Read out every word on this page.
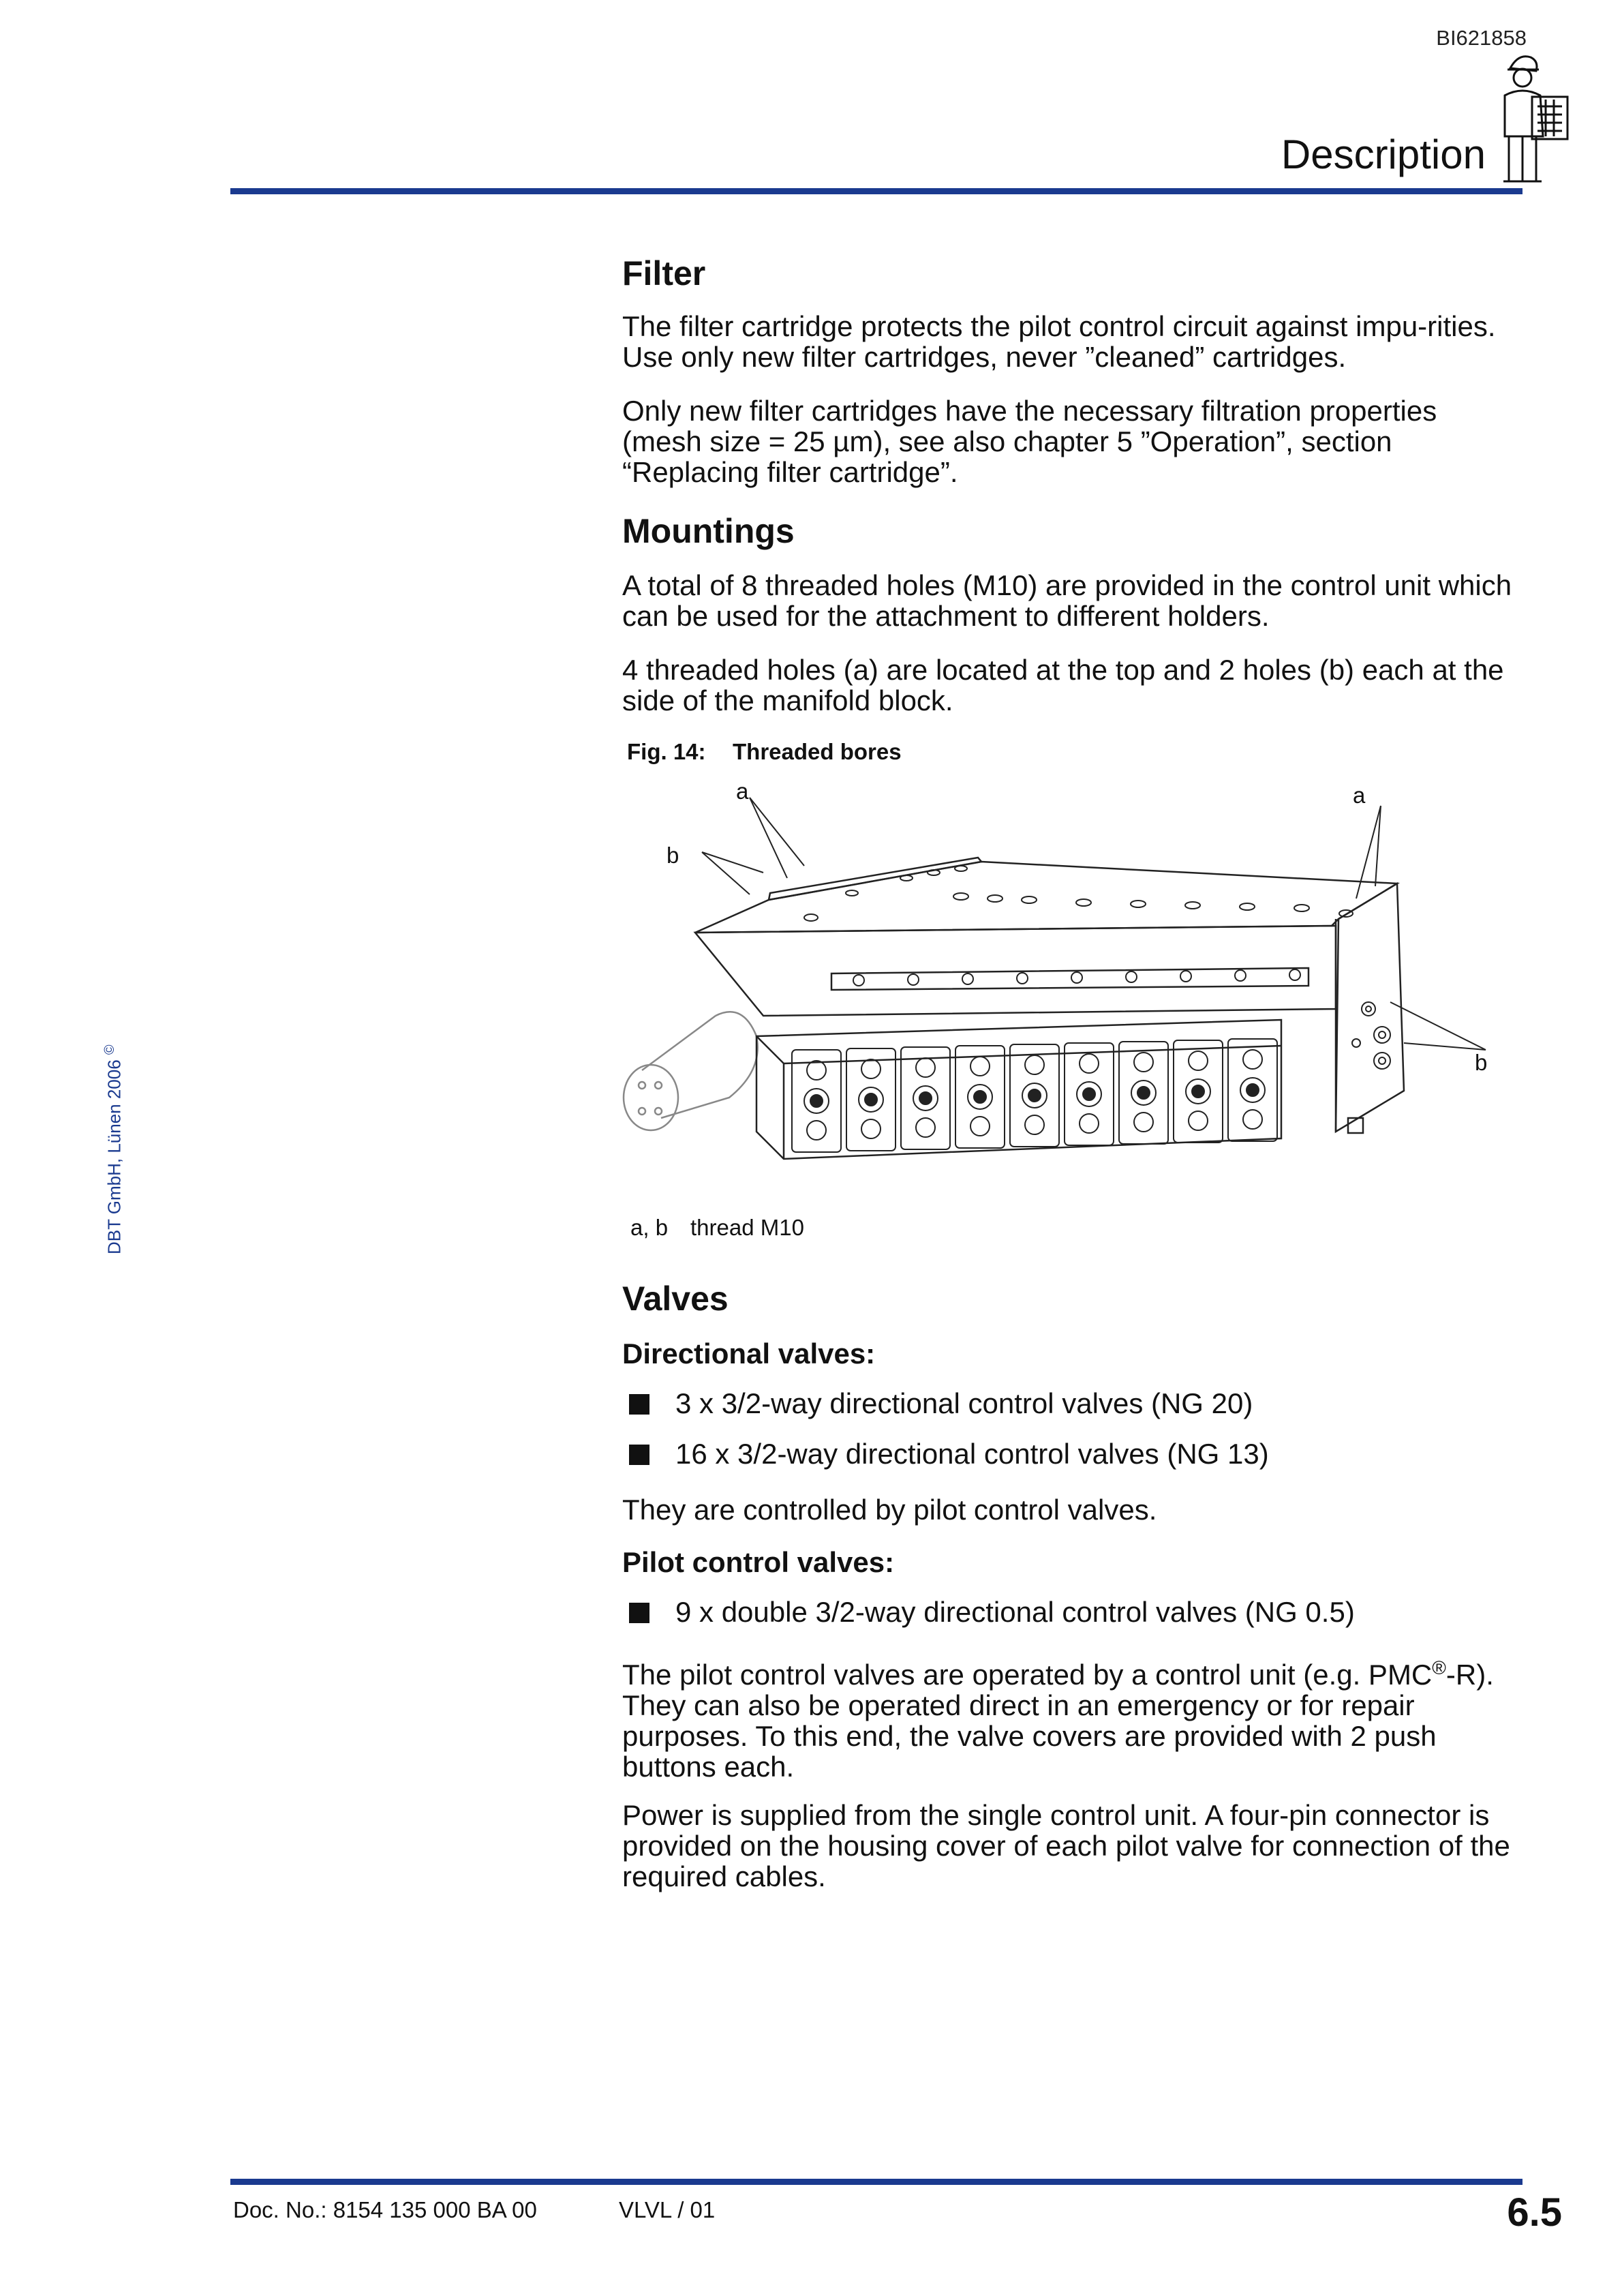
BI621858
Description
DBT GmbH, Lünen 2006 ©
Filter

The filter cartridge protects the pilot control circuit against impu-rities. Use only new filter cartridges, never ”cleaned” cartridges.

Only new filter cartridges have the necessary filtration properties (mesh size = 25 µm), see also chapter 5 ”Operation”, section “Replacing filter cartridge”.

Mountings

A total of 8 threaded holes (M10) are provided in the control unit which can be used for the attachment to different holders.

4 threaded holes (a) are located at the top and 2 holes (b) each at the side of the manifold block.

Fig. 14: Threaded bores
a	a
b
b
a, b thread M10
Valves
Directional valves:
3 x 3/2-way directional control valves (NG 20)
16 x 3/2-way directional control valves (NG 13)

They are controlled by pilot control valves.

Pilot control valves:
9 x double 3/2-way directional control valves (NG 0.5)

The pilot control valves are operated by a control unit (e.g. PMC®-R). They can also be operated direct in an emergency or for repair purposes. To this end, the valve covers are provided with 2 push buttons each.

Power is supplied from the single control unit. A four-pin connector is provided on the housing cover of each pilot valve for connection of the required cables.

Doc. No.: 8154 135 000 BA 00	VLVL / 01	6.5
